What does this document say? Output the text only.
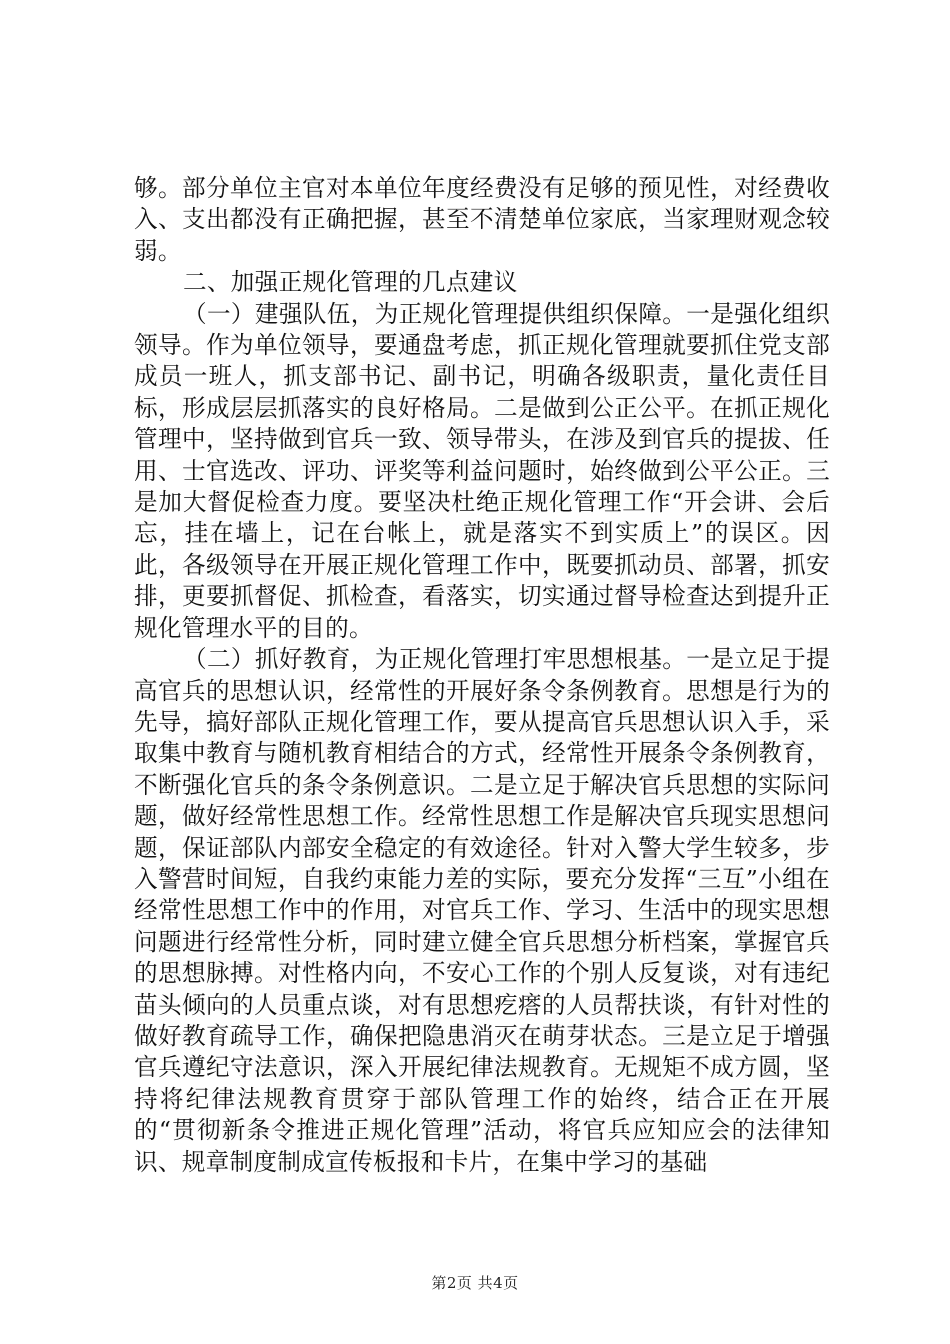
够。部分单位主官对本单位年度经费没有足够的预见性，对经费收入、支出都没有正确把握，甚至不清楚单位家底，当家理财观念较弱。

二、加强正规化管理的几点建议

（一）建强队伍，为正规化管理提供组织保障。一是强化组织领导。作为单位领导，要通盘考虑，抓正规化管理就要抓住党支部成员一班人，抓支部书记、副书记，明确各级职责，量化责任目标，形成层层抓落实的良好格局。二是做到公正公平。在抓正规化管理中，坚持做到官兵一致、领导带头，在涉及到官兵的提拔、任用、士官选改、评功、评奖等利益问题时，始终做到公平公正。三是加大督促检查力度。要坚决杜绝正规化管理工作“开会讲、会后忘，挂在墙上，记在台帐上，就是落实不到实质上”的误区。因此，各级领导在开展正规化管理工作中，既要抓动员、部署，抓安排，更要抓督促、抓检查，看落实，切实通过督导检查达到提升正规化管理水平的目的。

（二）抓好教育，为正规化管理打牢思想根基。一是立足于提高官兵的思想认识，经常性的开展好条令条例教育。思想是行为的先导，搞好部队正规化管理工作，要从提高官兵思想认识入手，采取集中教育与随机教育相结合的方式，经常性开展条令条例教育，不断强化官兵的条令条例意识。二是立足于解决官兵思想的实际问题，做好经常性思想工作。经常性思想工作是解决官兵现实思想问题，保证部队内部安全稳定的有效途径。针对入警大学生较多，步入警营时间短，自我约束能力差的实际，要充分发挥“三互”小组在经常性思想工作中的作用，对官兵工作、学习、生活中的现实思想问题进行经常性分析，同时建立健全官兵思想分析档案，掌握官兵的思想脉搏。对性格内向，不安心工作的个别人反复谈，对有违纪苗头倾向的人员重点谈，对有思想疙瘩的人员帮扶谈，有针对性的做好教育疏导工作，确保把隐患消灭在萌芽状态。三是立足于增强官兵遵纪守法意识，深入开展纪律法规教育。无规矩不成方圆，坚持将纪律法规教育贯穿于部队管理工作的始终，结合正在开展的“贯彻新条令推进正规化管理”活动，将官兵应知应会的法律知识、规章制度制成宣传板报和卡片，在集中学习的基础

第2页 共4页
